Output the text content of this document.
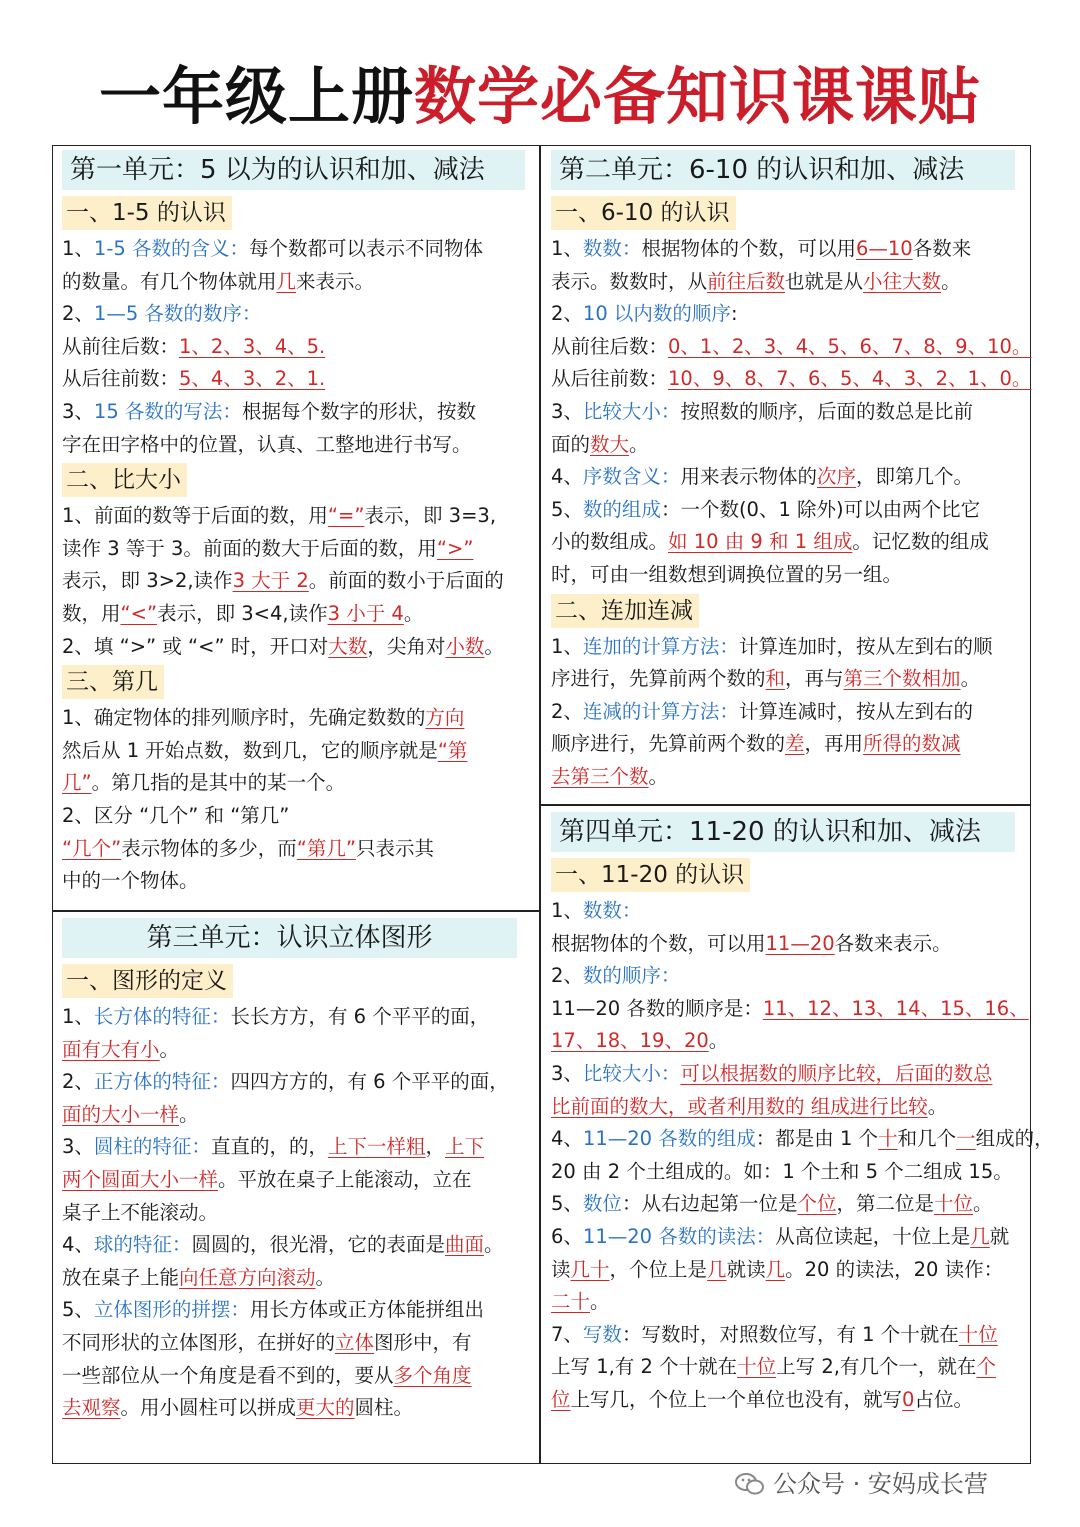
一年级上册数学必备知识课课贴
第一单元：5 以为的认识和加、减法
一、1-5 的认识

1、1-5 各数的含义：每个数都可以表示不同物体

的数量。有几个物体就用几来表示。

2、1—5 各数的数序：

从前往后数：1、2、3、4、5.

从后往前数：5、4、3、2、1.

3、15 各数的写法：根据每个数字的形状，按数

字在田字格中的位置，认真、工整地进行书写。

二、比大小

1、前面的数等于后面的数，用“=”表示，即 3=3,

读作 3 等于 3。前面的数大于后面的数，用“>”

表示，即 3>2,读作3 大于 2。前面的数小于后面的

数，用“<”表示，即 3<4,读作3 小于 4。

2、填 “>” 或 “<” 时，开口对大数，尖角对小数。

三、第几

1、确定物体的排列顺序时，先确定数数的方向

然后从 1 开始点数，数到几，它的顺序就是“第

几”。第几指的是其中的某一个。

2、区分 “几个” 和 “第几”

“几个”表示物体的多少，而“第几”只表示其

中的一个物体。

第二单元：6-10 的认识和加、减法
一、6-10 的认识

1、数数：根据物体的个数，可以用6—10各数来

表示。数数时，从前往后数也就是从小往大数。

2、10 以内数的顺序:

从前往后数：0、1、2、3、4、5、6、7、8、9、10。

从后往前数：10、9、8、7、6、5、4、3、2、1、0。

3、比较大小：按照数的顺序，后面的数总是比前

面的数大。

4、序数含义：用来表示物体的次序，即第几个。

5、数的组成：一个数(0、1 除外)可以由两个比它

小的数组成。如 10 由 9 和 1 组成。记忆数的组成

时，可由一组数想到调换位置的另一组。

二、连加连减

1、连加的计算方法：计算连加时，按从左到右的顺

序进行，先算前两个数的和，再与第三个数相加。

2、连减的计算方法：计算连减时，按从左到右的

顺序进行，先算前两个数的差，再用所得的数减

去第三个数。

第三单元：认识立体图形
一、图形的定义

1、长方体的特征：长长方方，有 6 个平平的面，

面有大有小。

2、正方体的特征：四四方方的，有 6 个平平的面，

面的大小一样。

3、圆柱的特征：直直的，的，上下一样粗，上下

两个圆面大小一样。平放在桌子上能滚动，立在

桌子上不能滚动。

4、球的特征：圆圆的，很光滑，它的表面是曲面。

放在桌子上能向任意方向滚动。

5、立体图形的拼摆：用长方体或正方体能拼组出

不同形状的立体图形，在拼好的立体图形中，有

一些部位从一个角度是看不到的，要从多个角度

去观察。用小圆柱可以拼成更大的圆柱。

第四单元：11-20 的认识和加、减法
一、11-20 的认识

1、数数：

根据物体的个数，可以用11—20各数来表示。

2、数的顺序：

11—20 各数的顺序是：11、12、13、14、15、16、

17、18、19、20。

3、比较大小：可以根据数的顺序比较，后面的数总

比前面的数大，或者利用数的 组成进行比较。

4、11—20 各数的组成：都是由 1 个十和几个一组成的，

20 由 2 个土组成的。如：1 个土和 5 个二组成 15。

5、数位：从右边起第一位是个位，第二位是十位。

6、11—20 各数的读法：从高位读起，十位上是几就

读几十，个位上是几就读几。20 的读法，20 读作：

二十。

7、写数：写数时，对照数位写，有 1 个十就在十位

上写 1,有 2 个十就在十位上写 2,有几个一，就在个

位上写几，个位上一个单位也没有，就写0占位。

公众号 · 安妈成长营
